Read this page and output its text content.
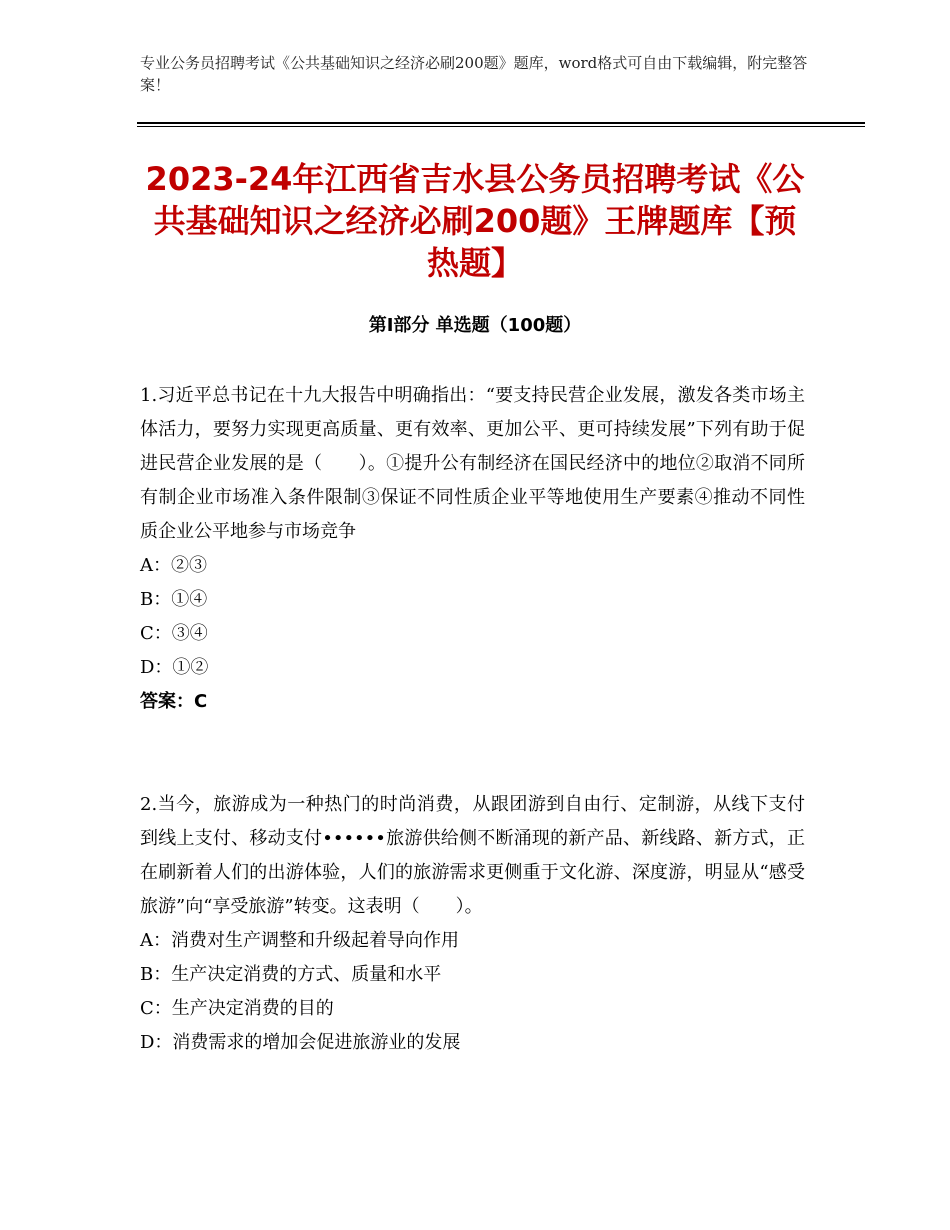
专业公务员招聘考试《公共基础知识之经济必刷200题》题库，word格式可自由下载编辑，附完整答案！
2023-24年江西省吉水县公务员招聘考试《公共基础知识之经济必刷200题》王牌题库【预热题】
第Ⅰ部分 单选题（100题）

1.习近平总书记在十九大报告中明确指出：“要支持民营企业发展，激发各类市场主体活力，要努力实现更高质量、更有效率、更加公平、更可持续发展”下列有助于促进民营企业发展的是（　　）。①提升公有制经济在国民经济中的地位②取消不同所有制企业市场准入条件限制③保证不同性质企业平等地使用生产要素④推动不同性质企业公平地参与市场竞争

A：②③

B：①④

C：③④

D：①②

答案：C

2.当今，旅游成为一种热门的时尚消费，从跟团游到自由行、定制游，从线下支付到线上支付、移动支付••••••旅游供给侧不断涌现的新产品、新线路、新方式，正在刷新着人们的出游体验，人们的旅游需求更侧重于文化游、深度游，明显从“感受旅游”向“享受旅游”转变。这表明（　　）。

A：消费对生产调整和升级起着导向作用

B：生产决定消费的方式、质量和水平

C：生产决定消费的目的

D：消费需求的增加会促进旅游业的发展
